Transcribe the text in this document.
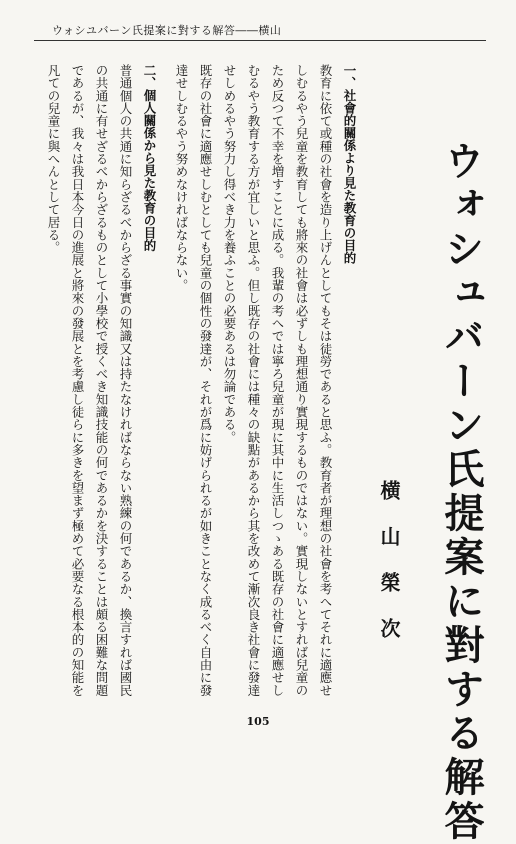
ウォシユバーン氏提案に對する解答――横山
ウォシュバーン氏提案に對する解答
横山榮次
一、社會的關係より見た教育の目的
教育に依て或種の社會を造り上げんとしてもそは徒勞であると思ふ。教育者が理想の社會を考へてそれに適應せ
しむるやう兒童を教育しても將來の社會は必ずしも理想通り實現するものではない。實現しないとすれば兒童の
ため反つて不幸を増すことに成る。我輩の考へでは寧ろ兒童が現に其中に生活しつゝある既存の社會に適應せし
むるやう教育する方が宜しいと思ふ。但し既存の社會には種々の缺點があるから其を改めて漸次良き社會に發達
せしめるやう努力し得べき力を養ふことの必要あるは勿論である。
既存の社會に適應せしむとしても兒童の個性の發達が、それが爲に妨げられるが如きことなく成るべく自由に發
達せしむるやう努めなければならない。
二、個人關係から見た教育の目的
普通個人の共通に知らざるべからざる事實の知識又は持たなければならない熟練の何であるか、換言すれば國民
の共通に有せざるべからざるものとして小學校で授くべき知識技能の何であるかを決することは頗る困難な問題
であるが、我々は我日本今日の進展と將來の發展とを考慮し徒らに多きを望まず極めて必要なる根本的の知能を
凡ての兒童に與へんとして居る。
105
